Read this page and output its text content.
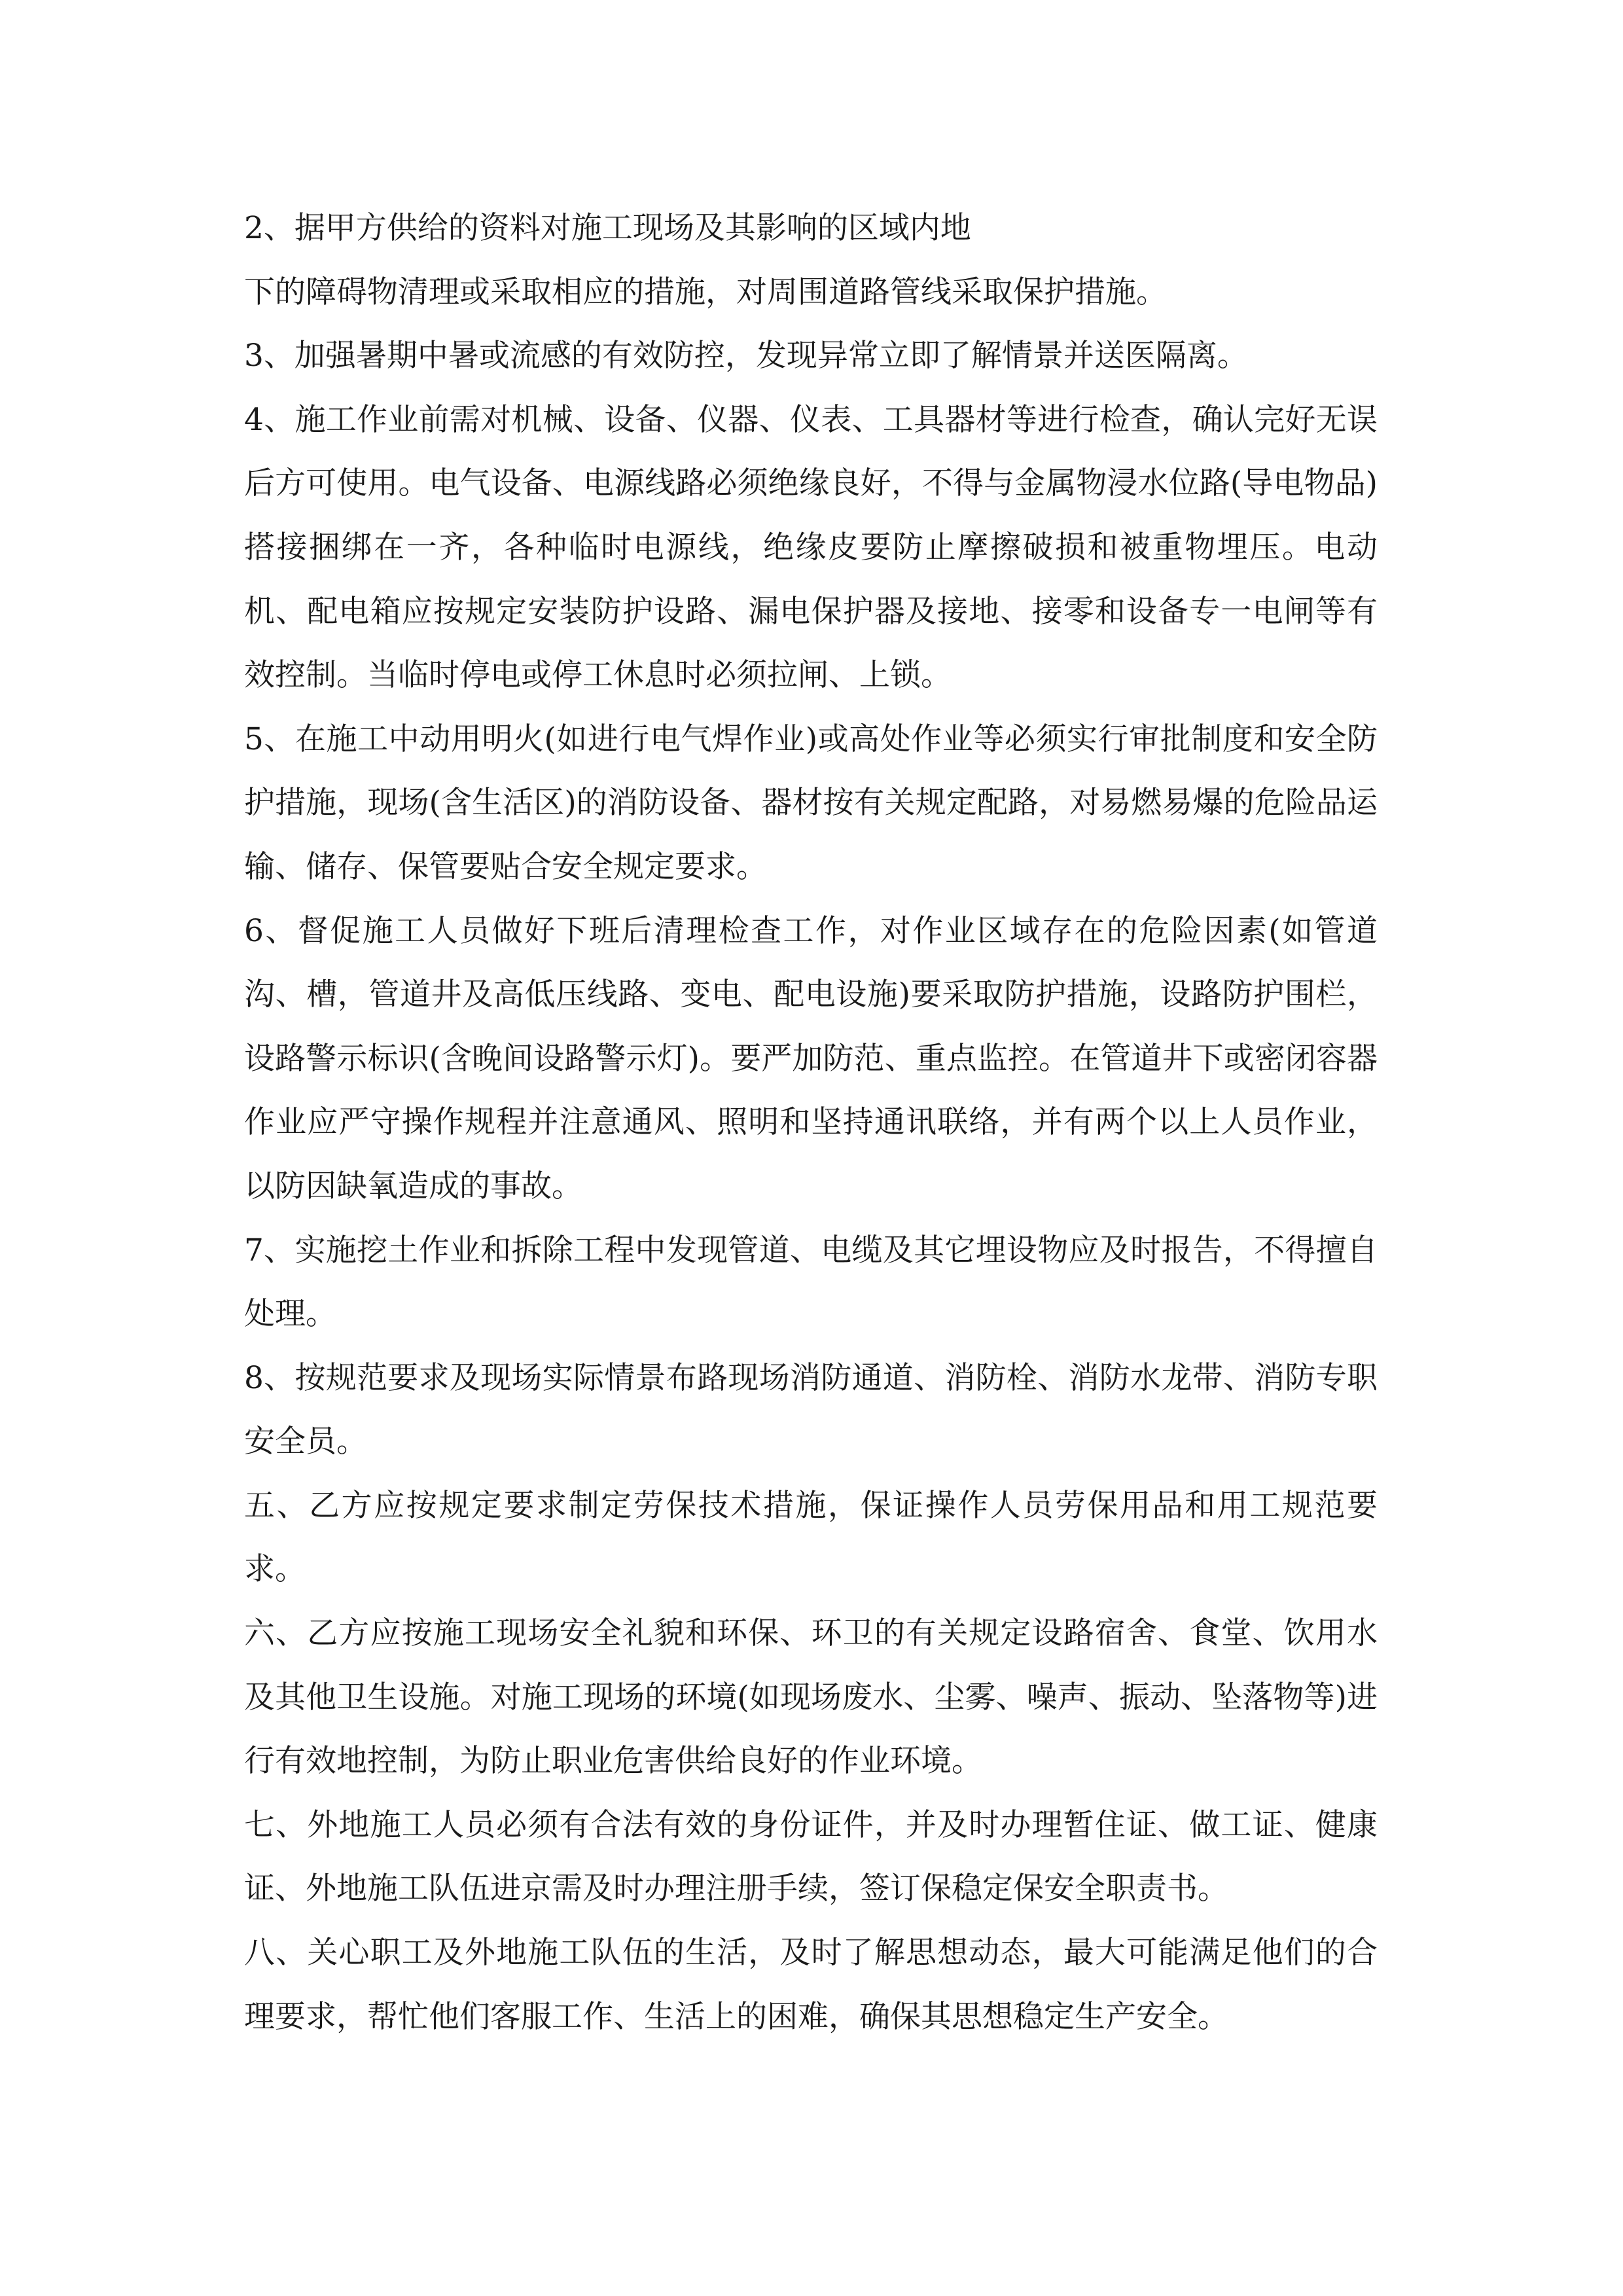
2、据甲方供给的资料对施工现场及其影响的区域内地

下的障碍物清理或采取相应的措施，对周围道路管线采取保护措施。

3、加强暑期中暑或流感的有效防控，发现异常立即了解情景并送医隔离。

4、施工作业前需对机械、设备、仪器、仪表、工具器材等进行检查，确认完好无误后方可使用。电气设备、电源线路必须绝缘良好，不得与金属物浸水位路(导电物品)搭接捆绑在一齐，各种临时电源线，绝缘皮要防止摩擦破损和被重物埋压。电动机、配电箱应按规定安装防护设路、漏电保护器及接地、接零和设备专一电闸等有效控制。当临时停电或停工休息时必须拉闸、上锁。

5、在施工中动用明火(如进行电气焊作业)或高处作业等必须实行审批制度和安全防护措施，现场(含生活区)的消防设备、器材按有关规定配路，对易燃易爆的危险品运输、储存、保管要贴合安全规定要求。

6、督促施工人员做好下班后清理检查工作，对作业区域存在的危险因素(如管道沟、槽，管道井及高低压线路、变电、配电设施)要采取防护措施，设路防护围栏，设路警示标识(含晚间设路警示灯)。要严加防范、重点监控。在管道井下或密闭容器作业应严守操作规程并注意通风、照明和坚持通讯联络，并有两个以上人员作业，以防因缺氧造成的事故。

7、实施挖土作业和拆除工程中发现管道、电缆及其它埋设物应及时报告，不得擅自处理。

8、按规范要求及现场实际情景布路现场消防通道、消防栓、消防水龙带、消防专职安全员。

五、乙方应按规定要求制定劳保技术措施，保证操作人员劳保用品和用工规范要求。

六、乙方应按施工现场安全礼貌和环保、环卫的有关规定设路宿舍、食堂、饮用水及其他卫生设施。对施工现场的环境(如现场废水、尘雾、噪声、振动、坠落物等)进行有效地控制，为防止职业危害供给良好的作业环境。

七、外地施工人员必须有合法有效的身份证件，并及时办理暂住证、做工证、健康证、外地施工队伍进京需及时办理注册手续，签订保稳定保安全职责书。

八、关心职工及外地施工队伍的生活，及时了解思想动态，最大可能满足他们的合理要求，帮忙他们客服工作、生活上的困难，确保其思想稳定生产安全。
